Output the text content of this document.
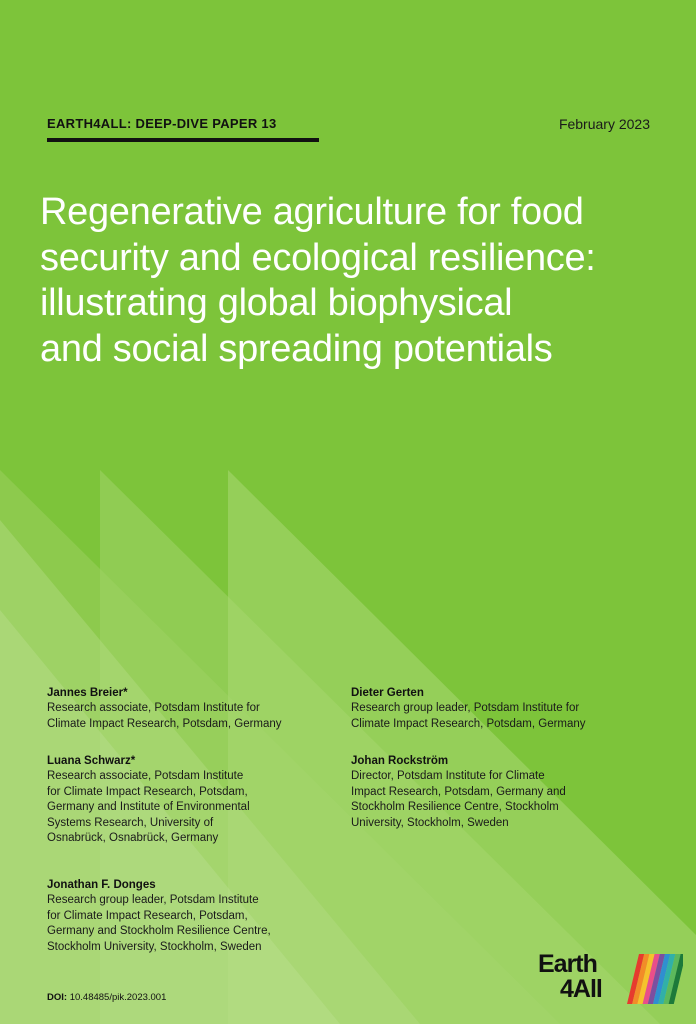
EARTH4ALL: DEEP-DIVE PAPER 13	February 2023
Regenerative agriculture for food
security and ecological resilience:
illustrating global biophysical
and social spreading potentials
Jannes Breier*
Research associate, Potsdam Institute for
Climate Impact Research, Potsdam, Germany
Luana Schwarz*
Research associate, Potsdam Institute
for Climate Impact Research, Potsdam,
Germany and Institute of Environmental
Systems Research, University of
Osnabrück, Osnabrück, Germany
Jonathan F. Donges
Research group leader, Potsdam Institute
for Climate Impact Research, Potsdam,
Germany and Stockholm Resilience Centre,
Stockholm University, Stockholm, Sweden
Dieter Gerten
Research group leader, Potsdam Institute for
Climate Impact Research, Potsdam, Germany
Johan Rockström
Director, Potsdam Institute for Climate
Impact Research, Potsdam, Germany and
Stockholm Resilience Centre, Stockholm
University, Stockholm, Sweden
DOI: 10.48485/pik.2023.001
Earth
4All
